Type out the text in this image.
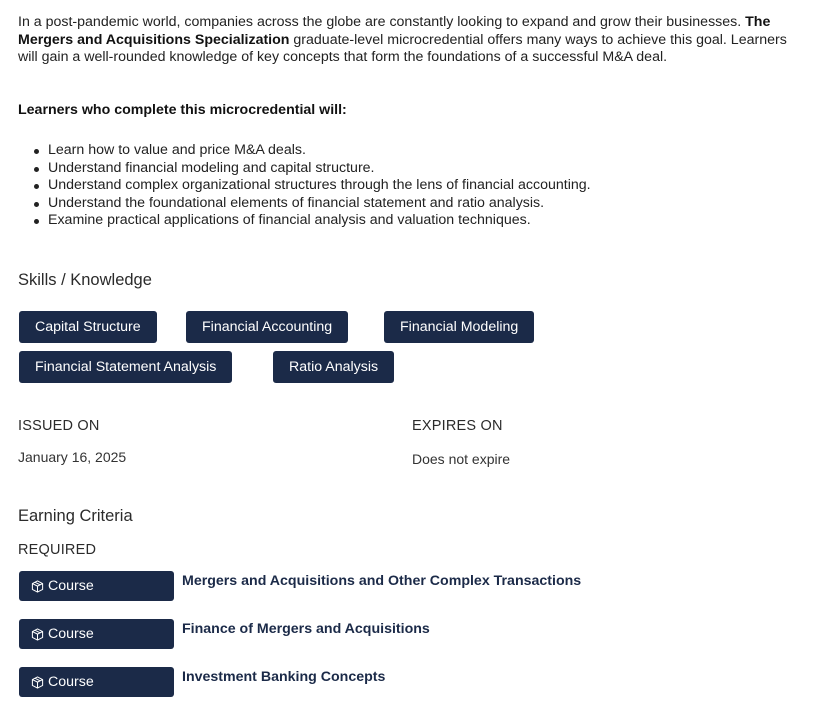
In a post-pandemic world, companies across the globe are constantly looking to expand and grow their businesses. The Mergers and Acquisitions Specialization graduate-level microcredential offers many ways to achieve this goal. Learners will gain a well-rounded knowledge of key concepts that form the foundations of a successful M&A deal.
Learners who complete this microcredential will:
Learn how to value and price M&A deals.
Understand financial modeling and capital structure.
Understand complex organizational structures through the lens of financial accounting.
Understand the foundational elements of financial statement and ratio analysis.
Examine practical applications of financial analysis and valuation techniques.
Skills / Knowledge
Capital Structure	Financial Accounting	Financial Modeling
Financial Statement Analysis	Ratio Analysis
ISSUED ON
January 16, 2025
EXPIRES ON
Does not expire
Earning Criteria
REQUIRED
Course	Mergers and Acquisitions and Other Complex Transactions
Course	Finance of Mergers and Acquisitions
Course	Investment Banking Concepts
